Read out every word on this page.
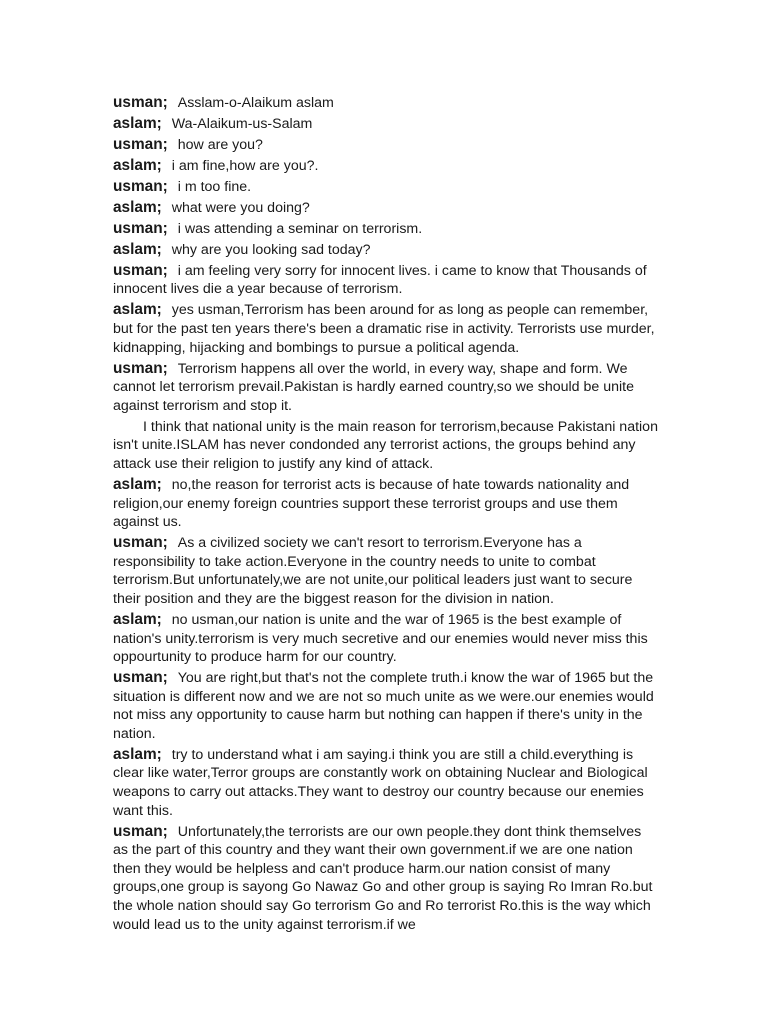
usman; Asslam-o-Alaikum aslam

aslam; Wa-Alaikum-us-Salam

usman; how are you?

aslam; i am fine,how are you?.

usman; i m too fine.

aslam; what were you doing?

usman; i was attending a seminar on terrorism.

aslam; why are you looking sad today?

usman; i am feeling very sorry for innocent lives. i came to know that Thousands of innocent lives die a year because of terrorism.

aslam; yes usman,Terrorism has been around for as long as people can remember, but for the past ten years there's been a dramatic rise in activity. Terrorists use murder, kidnapping, hijacking and bombings to pursue a political agenda.

usman; Terrorism happens all over the world, in every way, shape and form. We cannot let terrorism prevail.Pakistan is hardly earned country,so we should be unite against terrorism and stop it.

I think that national unity is the main reason for terrorism,because Pakistani nation isn't unite.ISLAM has never condonded any terrorist actions, the groups behind any attack use their religion to justify any kind of attack.

aslam; no,the reason for terrorist acts is because of hate towards nationality and religion,our enemy foreign countries support these terrorist groups and use them against us.

usman; As a civilized society we can't resort to terrorism.Everyone has a responsibility to take action.Everyone in the country needs to unite to combat terrorism.But unfortunately,we are not unite,our political leaders just want to secure their position and they are the biggest reason for the division in nation.

aslam; no usman,our nation is unite and the war of 1965 is the best example of nation's unity.terrorism is very much secretive and our enemies would never miss this oppourtunity to produce harm for our country.

usman; You are right,but that's not the complete truth.i know the war of 1965 but the situation is different now and we are not so much unite as we were.our enemies would not miss any opportunity to cause harm but nothing can happen if there's unity in the nation.

aslam; try to understand what i am saying.i think you are still a child.everything is clear like water,Terror groups are constantly work on obtaining Nuclear and Biological weapons to carry out attacks.They want to destroy our country because our enemies want this.

usman; Unfortunately,the terrorists are our own people.they dont think themselves as the part of this country and they want their own government.if we are one nation then they would be helpless and can't produce harm.our nation consist of many groups,one group is sayong Go Nawaz Go and other group is saying Ro Imran Ro.but the whole nation should say Go terrorism Go and Ro terrorist Ro.this is the way which would lead us to the unity against terrorism.if we
